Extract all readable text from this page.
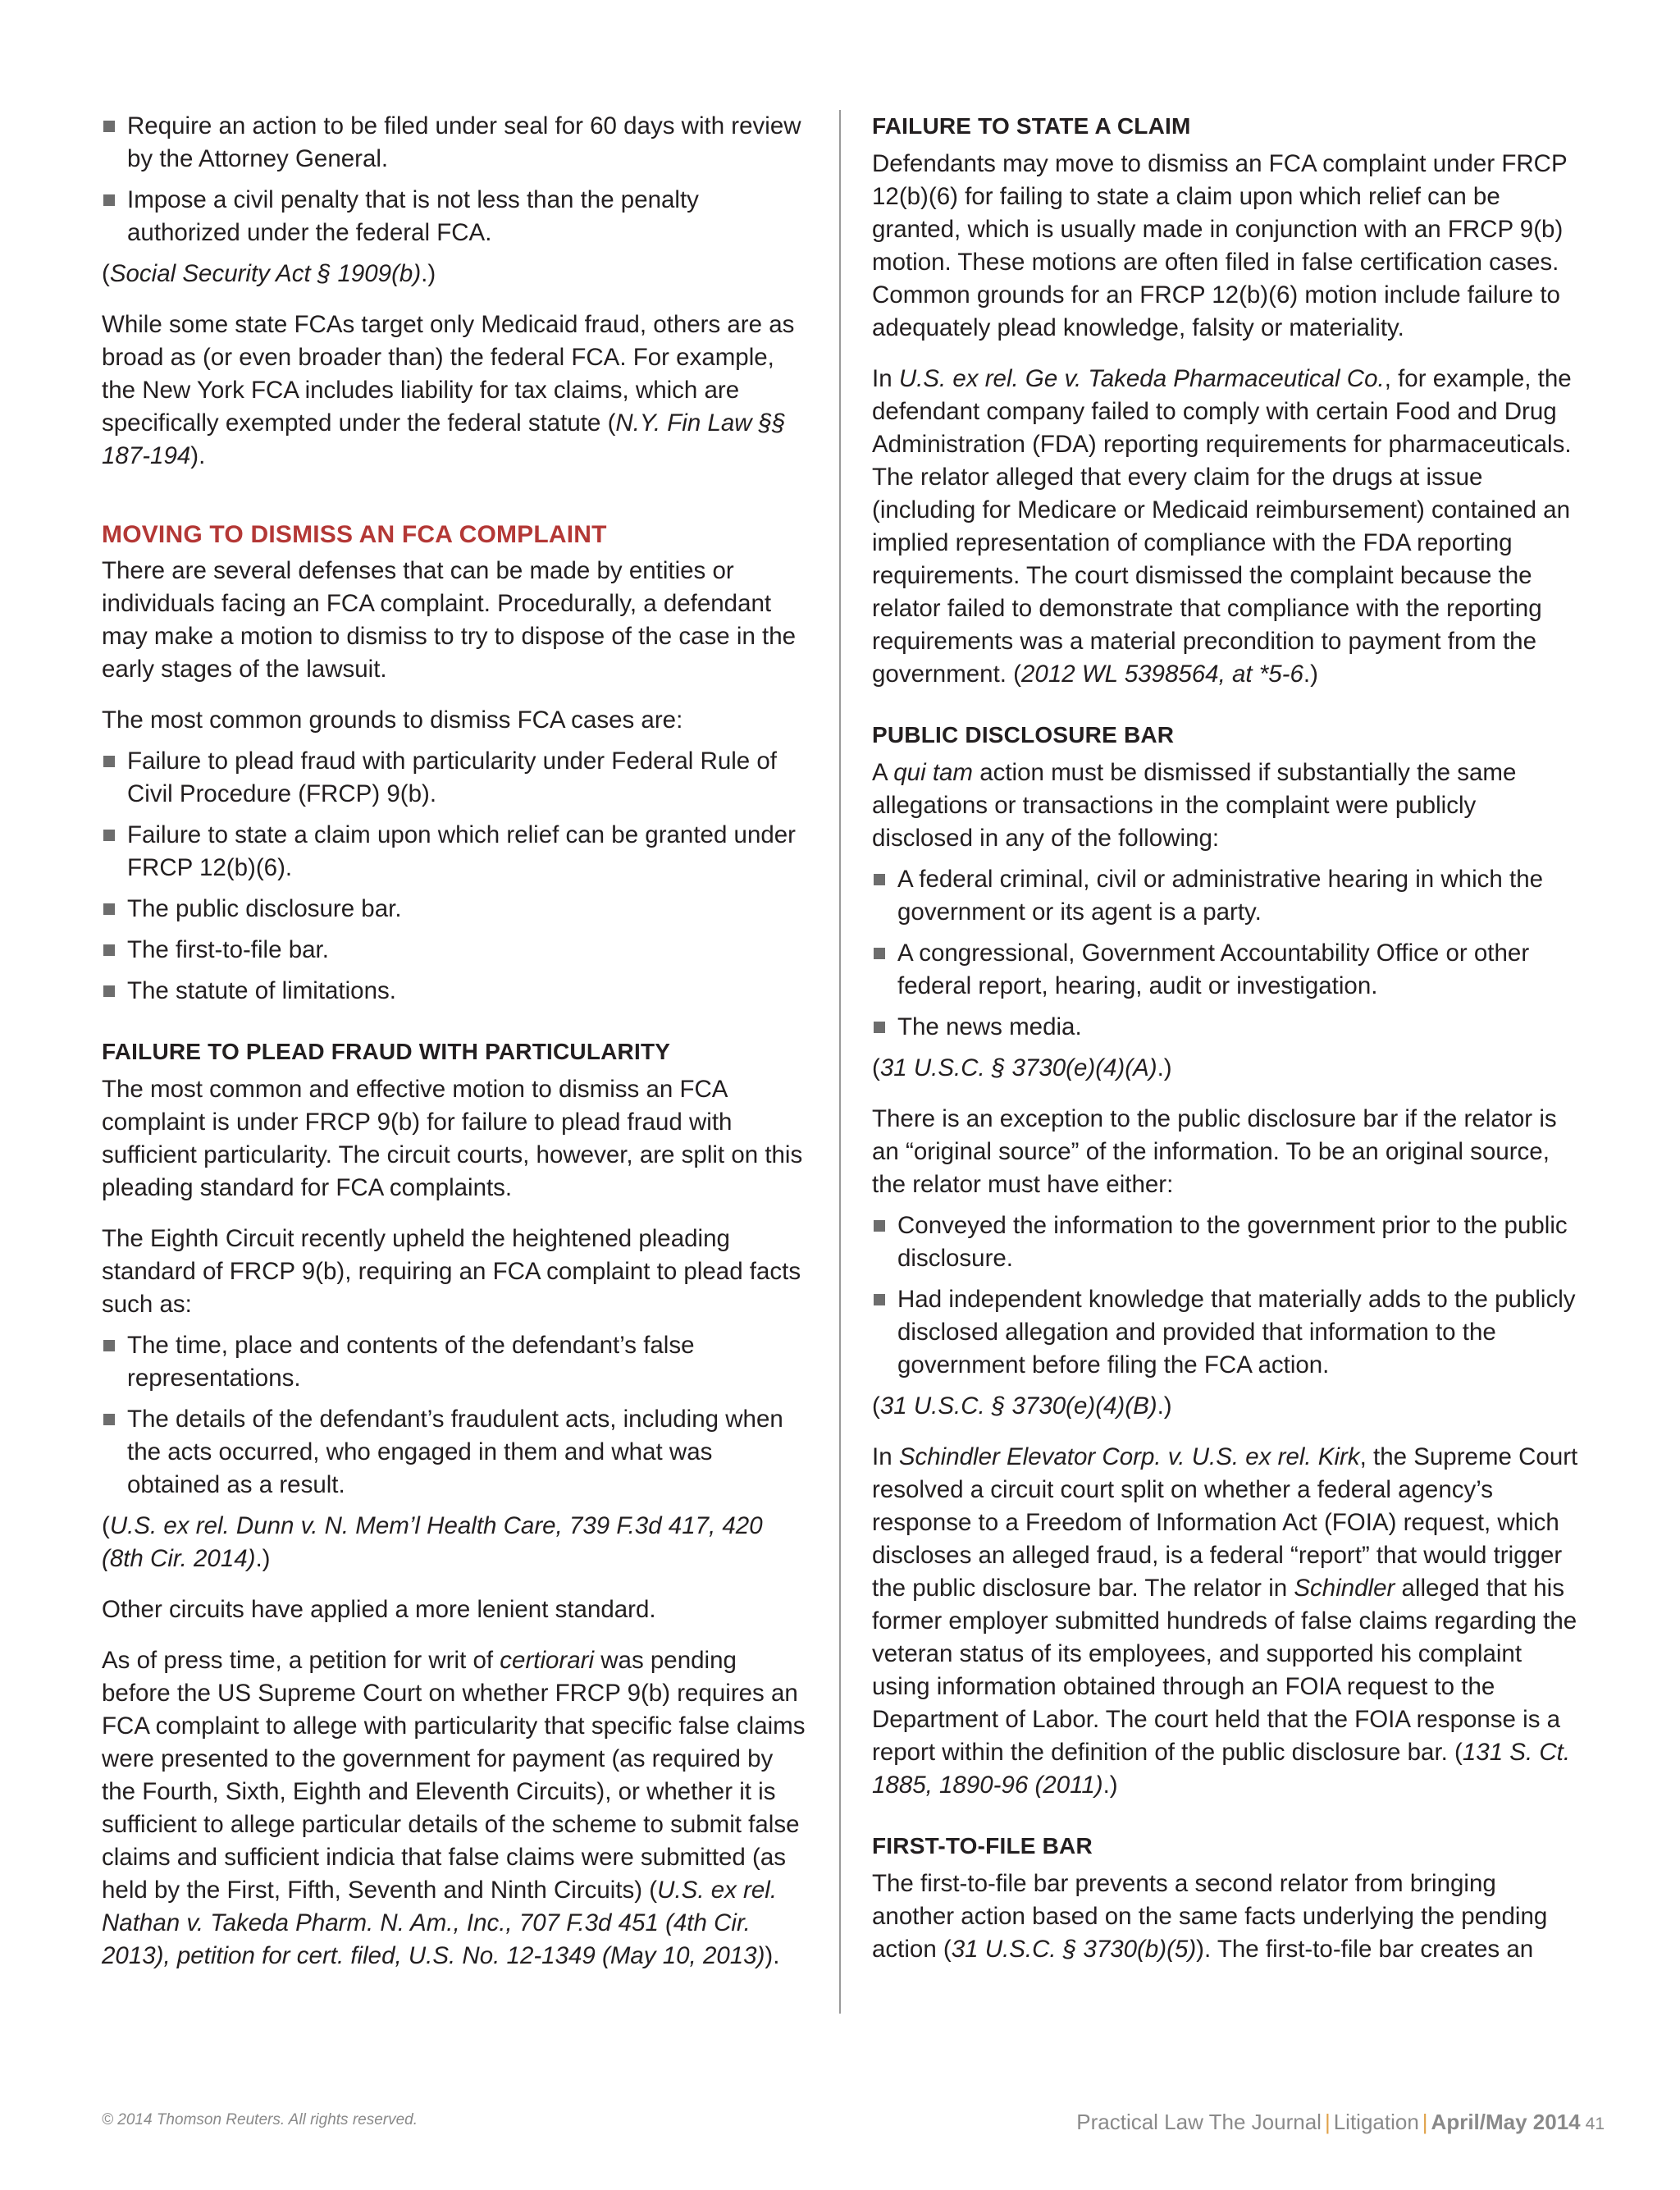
Require an action to be filed under seal for 60 days with review by the Attorney General.
Impose a civil penalty that is not less than the penalty authorized under the federal FCA.

(Social Security Act § 1909(b).)

While some state FCAs target only Medicaid fraud, others are as broad as (or even broader than) the federal FCA. For example, the New York FCA includes liability for tax claims, which are specifically exempted under the federal statute (N.Y. Fin Law §§ 187-194).

MOVING TO DISMISS AN FCA COMPLAINT

There are several defenses that can be made by entities or individuals facing an FCA complaint. Procedurally, a defendant may make a motion to dismiss to try to dispose of the case in the early stages of the lawsuit.

The most common grounds to dismiss FCA cases are:

Failure to plead fraud with particularity under Federal Rule of Civil Procedure (FRCP) 9(b).
Failure to state a claim upon which relief can be granted under FRCP 12(b)(6).
The public disclosure bar.
The first-to-file bar.
The statute of limitations.
FAILURE TO PLEAD FRAUD WITH PARTICULARITY

The most common and effective motion to dismiss an FCA complaint is under FRCP 9(b) for failure to plead fraud with sufficient particularity. The circuit courts, however, are split on this pleading standard for FCA complaints.

The Eighth Circuit recently upheld the heightened pleading standard of FRCP 9(b), requiring an FCA complaint to plead facts such as:

The time, place and contents of the defendant’s false representations.
The details of the defendant’s fraudulent acts, including when the acts occurred, who engaged in them and what was obtained as a result.

(U.S. ex rel. Dunn v. N. Mem’l Health Care, 739 F.3d 417, 420 (8th Cir. 2014).)

Other circuits have applied a more lenient standard.

As of press time, a petition for writ of certiorari was pending before the US Supreme Court on whether FRCP 9(b) requires an FCA complaint to allege with particularity that specific false claims were presented to the government for payment (as required by the Fourth, Sixth, Eighth and Eleventh Circuits), or whether it is sufficient to allege particular details of the scheme to submit false claims and sufficient indicia that false claims were submitted (as held by the First, Fifth, Seventh and Ninth Circuits) (U.S. ex rel. Nathan v. Takeda Pharm. N. Am., Inc., 707 F.3d 451 (4th Cir. 2013), petition for cert. filed, U.S. No. 12-1349 (May 10, 2013)).

FAILURE TO STATE A CLAIM

Defendants may move to dismiss an FCA complaint under FRCP 12(b)(6) for failing to state a claim upon which relief can be granted, which is usually made in conjunction with an FRCP 9(b) motion. These motions are often filed in false certification cases. Common grounds for an FRCP 12(b)(6) motion include failure to adequately plead knowledge, falsity or materiality.

In U.S. ex rel. Ge v. Takeda Pharmaceutical Co., for example, the defendant company failed to comply with certain Food and Drug Administration (FDA) reporting requirements for pharmaceuticals. The relator alleged that every claim for the drugs at issue (including for Medicare or Medicaid reimbursement) contained an implied representation of compliance with the FDA reporting requirements. The court dismissed the complaint because the relator failed to demonstrate that compliance with the reporting requirements was a material precondition to payment from the government. (2012 WL 5398564, at *5-6.)

PUBLIC DISCLOSURE BAR

A qui tam action must be dismissed if substantially the same allegations or transactions in the complaint were publicly disclosed in any of the following:

A federal criminal, civil or administrative hearing in which the government or its agent is a party.
A congressional, Government Accountability Office or other federal report, hearing, audit or investigation.
The news media.

(31 U.S.C. § 3730(e)(4)(A).)

There is an exception to the public disclosure bar if the relator is an “original source” of the information. To be an original source, the relator must have either:

Conveyed the information to the government prior to the public disclosure.
Had independent knowledge that materially adds to the publicly disclosed allegation and provided that information to the government before filing the FCA action.

(31 U.S.C. § 3730(e)(4)(B).)

In Schindler Elevator Corp. v. U.S. ex rel. Kirk, the Supreme Court resolved a circuit court split on whether a federal agency’s response to a Freedom of Information Act (FOIA) request, which discloses an alleged fraud, is a federal “report” that would trigger the public disclosure bar. The relator in Schindler alleged that his former employer submitted hundreds of false claims regarding the veteran status of its employees, and supported his complaint using information obtained through an FOIA request to the Department of Labor. The court held that the FOIA response is a report within the definition of the public disclosure bar. (131 S. Ct. 1885, 1890-96 (2011).)

FIRST-TO-FILE BAR

The first-to-file bar prevents a second relator from bringing another action based on the same facts underlying the pending action (31 U.S.C. § 3730(b)(5)). The first-to-file bar creates an

© 2014 Thomson Reuters. All rights reserved.	Practical Law The Journal | Litigation | April/May 2014 41
